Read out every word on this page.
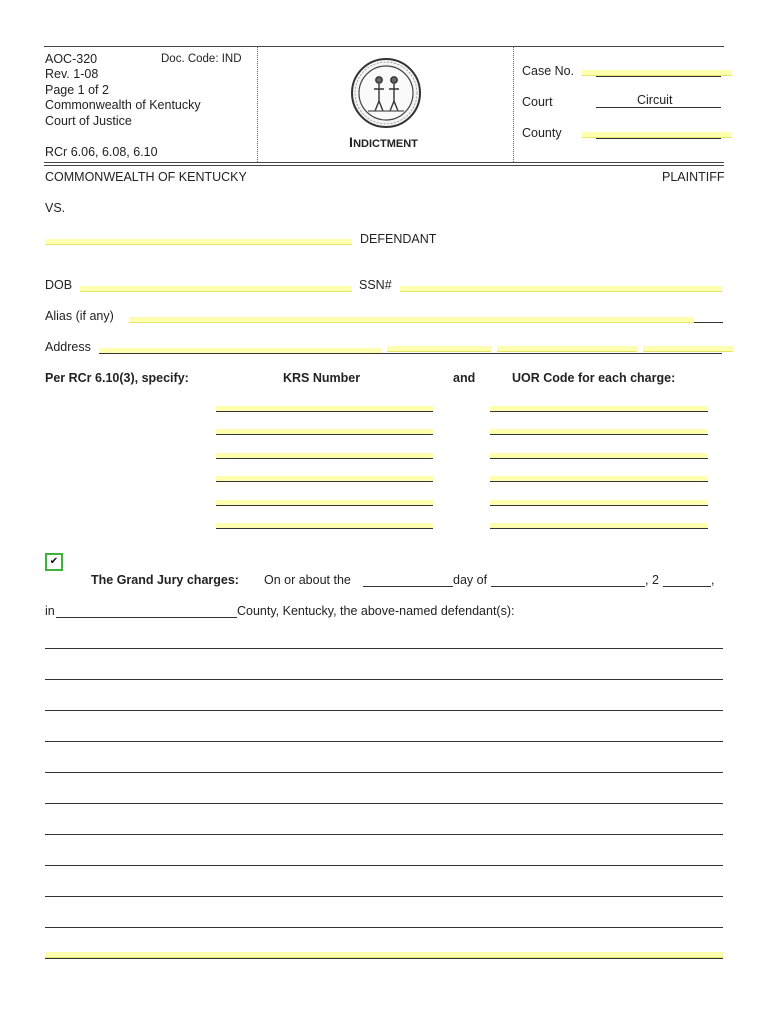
AOC-320	Doc. Code: IND
Rev. 1-08
Page 1 of 2
Commonwealth of Kentucky
Court of Justice
RCr 6.06, 6.08, 6.10
INDICTMENT
Case No.
Court	Circuit
County
COMMONWEALTH OF KENTUCKY	PLAINTIFF
VS.
DEFENDANT
DOB	SSN#
Alias (if any)
Address
Per RCr 6.10(3), specify:	KRS Number	and	UOR Code for each charge:
✔
The Grand Jury charges: On or about the	day of	, 2	,
in	County, Kentucky, the above-named defendant(s):
